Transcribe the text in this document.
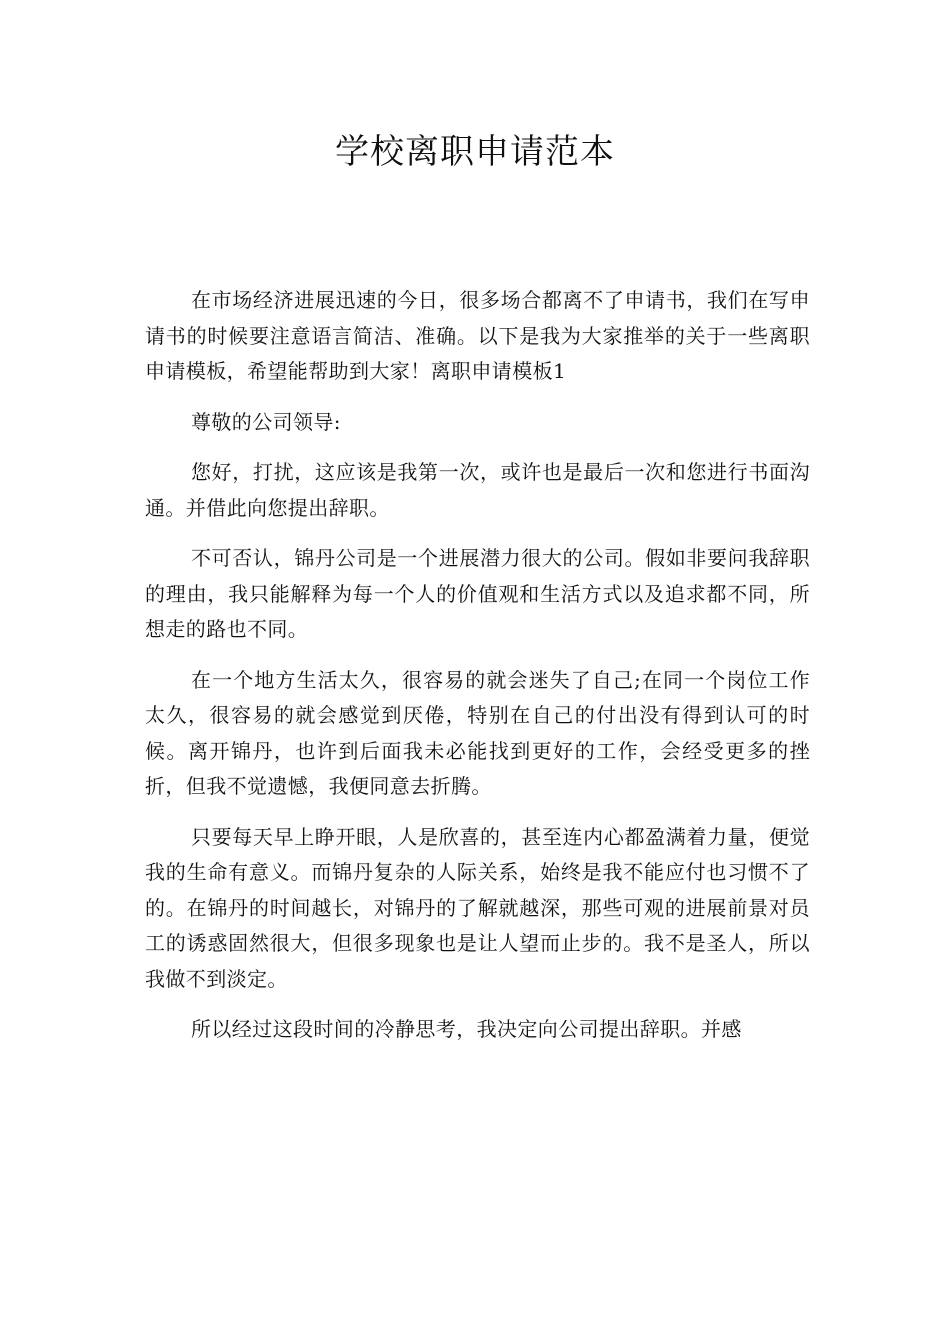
学校离职申请范本

在市场经济进展迅速的今日，很多场合都离不了申请书，我们在写申请书的时候要注意语言简洁、准确。以下是我为大家推举的关于一些离职申请模板，希望能帮助到大家！离职申请模板1

尊敬的公司领导:

您好，打扰，这应该是我第一次，或许也是最后一次和您进行书面沟通。并借此向您提出辞职。

不可否认，锦丹公司是一个进展潜力很大的公司。假如非要问我辞职的理由，我只能解释为每一个人的价值观和生活方式以及追求都不同，所想走的路也不同。

在一个地方生活太久，很容易的就会迷失了自己;在同一个岗位工作太久，很容易的就会感觉到厌倦，特别在自己的付出没有得到认可的时候。离开锦丹，也许到后面我未必能找到更好的工作，会经受更多的挫折，但我不觉遗憾，我便同意去折腾。

只要每天早上睁开眼，人是欣喜的，甚至连内心都盈满着力量，便觉我的生命有意义。而锦丹复杂的人际关系，始终是我不能应付也习惯不了的。在锦丹的时间越长，对锦丹的了解就越深，那些可观的进展前景对员工的诱惑固然很大，但很多现象也是让人望而止步的。我不是圣人，所以我做不到淡定。

所以经过这段时间的冷静思考，我决定向公司提出辞职。并感
